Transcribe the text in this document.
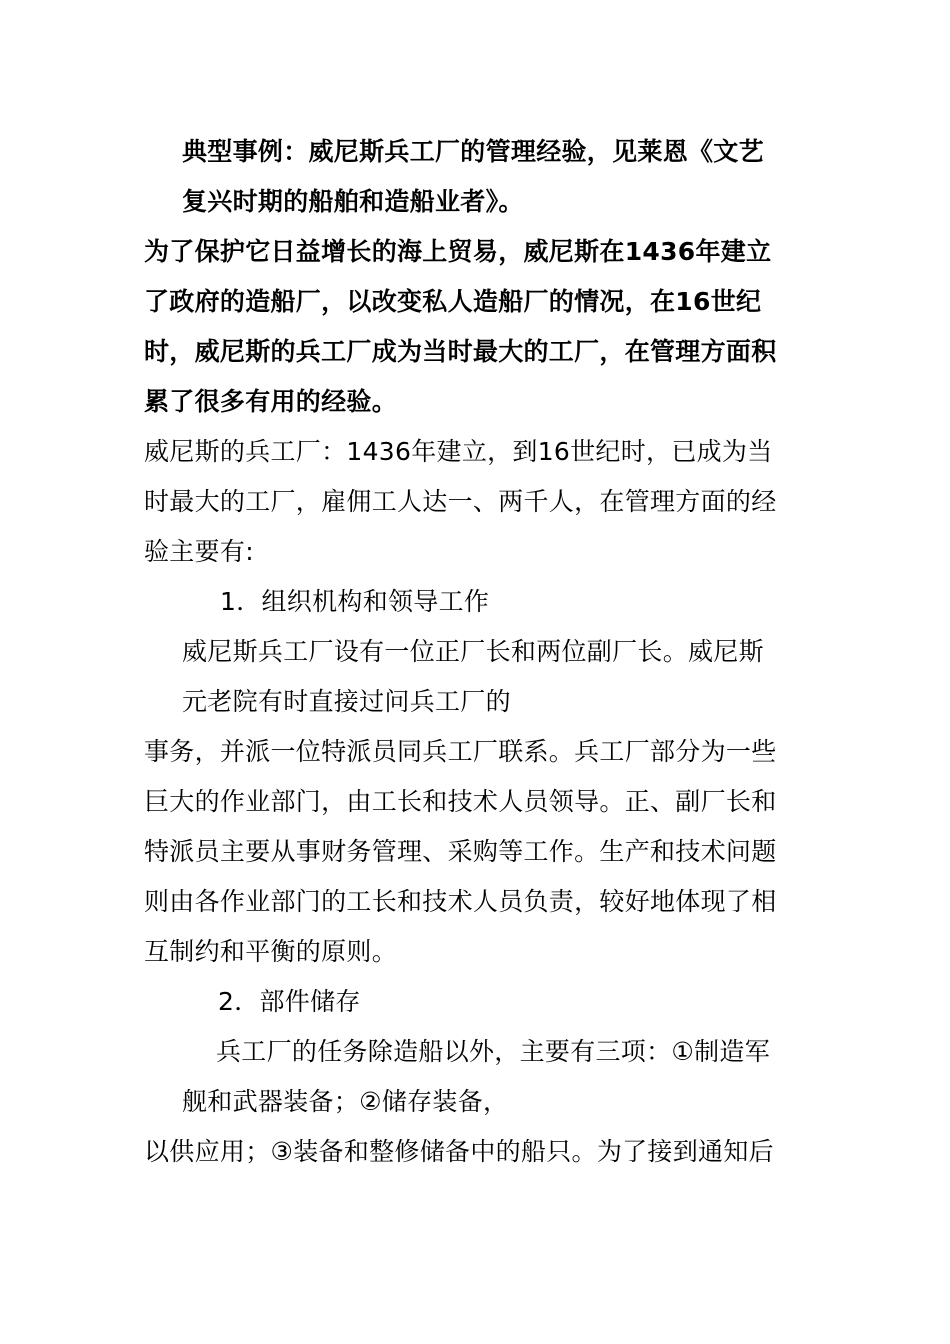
典型事例：威尼斯兵工厂的管理经验，见莱恩《文艺
复兴时期的船舶和造船业者》。
为了保护它日益增长的海上贸易，威尼斯在1436年建立
了政府的造船厂，以改变私人造船厂的情况，在16世纪
时，威尼斯的兵工厂成为当时最大的工厂，在管理方面积
累了很多有用的经验。
威尼斯的兵工厂：1436年建立，到16世纪时，已成为当
时最大的工厂，雇佣工人达一、两千人，在管理方面的经
验主要有:
1．组织机构和领导工作
威尼斯兵工厂设有一位正厂长和两位副厂长。威尼斯
元老院有时直接过问兵工厂的
事务，并派一位特派员同兵工厂联系。兵工厂部分为一些
巨大的作业部门，由工长和技术人员领导。正、副厂长和
特派员主要从事财务管理、采购等工作。生产和技术问题
则由各作业部门的工长和技术人员负责，较好地体现了相
互制约和平衡的原则。
2．部件储存
兵工厂的任务除造船以外，主要有三项：①制造军
舰和武器装备；②储存装备，
以供应用；③装备和整修储备中的船只。为了接到通知后
